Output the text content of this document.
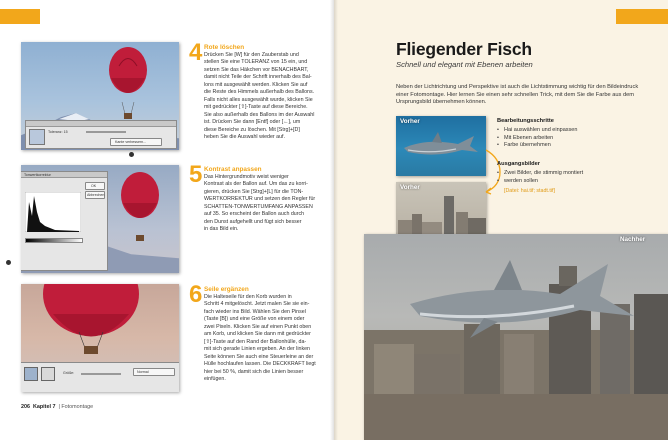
Toleranz: 15
Kante verbessern...
4 Rote löschen
Drücken Sie [W] für den Zauberstab und
stellen Sie eine TOLERANZ von 15 ein, und
setzen Sie das Häkchen vor BENACHBART,
damit nicht Teile der Schrift innerhalb des Bal-
lons mit ausgewählt werden. Klicken Sie auf
die Reste des Himmels außerhalb des Ballons.
Falls nicht alles ausgewählt wurde, klicken Sie
mit gedrückter [⇧]-Taste auf diese Bereiche.
Sie also außerhalb des Ballons im der Auswahl
ist. Drücken Sie dann [Entf] oder [←], um
diese Bereiche zu löschen. Mit [Strg]+[D]
heben Sie die Auswahl wieder auf.
Tonwertkorrektur
OK
Abbrechen
5 Kontrast anpassen
Das Hintergrundmotiv weist weniger
Kontrast als der Ballon auf. Um das zu korri-
gieren, drücken Sie [Strg]+[L] für die TON-
WERTKORREKTUR und setzen den Regler für
SCHATTEN-TONWERTUMFANG ANPASSEN
auf 35. So erscheint der Ballon auch durch
den Dunst aufgehellt und fügt sich besser
in das Bild ein.
Größe:	Normal
6 Seile ergänzen
Die Halteseile für den Korb wurden in
Schritt 4 mitgelöscht. Jetzt malen Sie sie ein-
fach wieder ins Bild. Wählen Sie den Pinsel
(Taste [B]) und eine Größe von einem oder
zwei Pixeln. Klicken Sie auf einen Punkt oben
am Korb, und klicken Sie dann mit gedrückter
[⇧]-Taste auf den Rand der Ballonhülle, da-
mit sich gerade Linien ergeben. An der linken
Seite können Sie auch eine Steuerleine an der
Hülle hochlaufen lassen. Die DECKKRAFT liegt
hier bei 50 %, damit sich die Linien besser
einfügen.
206 Kapitel 7  | Fotomontage
Fliegender Fisch
Schnell und elegant mit Ebenen arbeiten
Neben der Lichtrichtung und Perspektive ist auch die Lichtstimmung wichtig für den Bildeindruck einer Fotomontage. Hier lernen Sie einen sehr schnellen Trick, mit dem Sie die Farbe aus dem Ursprungsbild übernehmen können.
Vorher
Vorher
Bearbeitungsschritte
• Hai auswählen und einpassen
• Mit Ebenen arbeiten
• Farbe übernehmen
Ausgangsbilder
• Zwei Bilder, die stimmig montiert
• werden sollen
[Datei: hai.tif; stadt.tif]
Nachher
